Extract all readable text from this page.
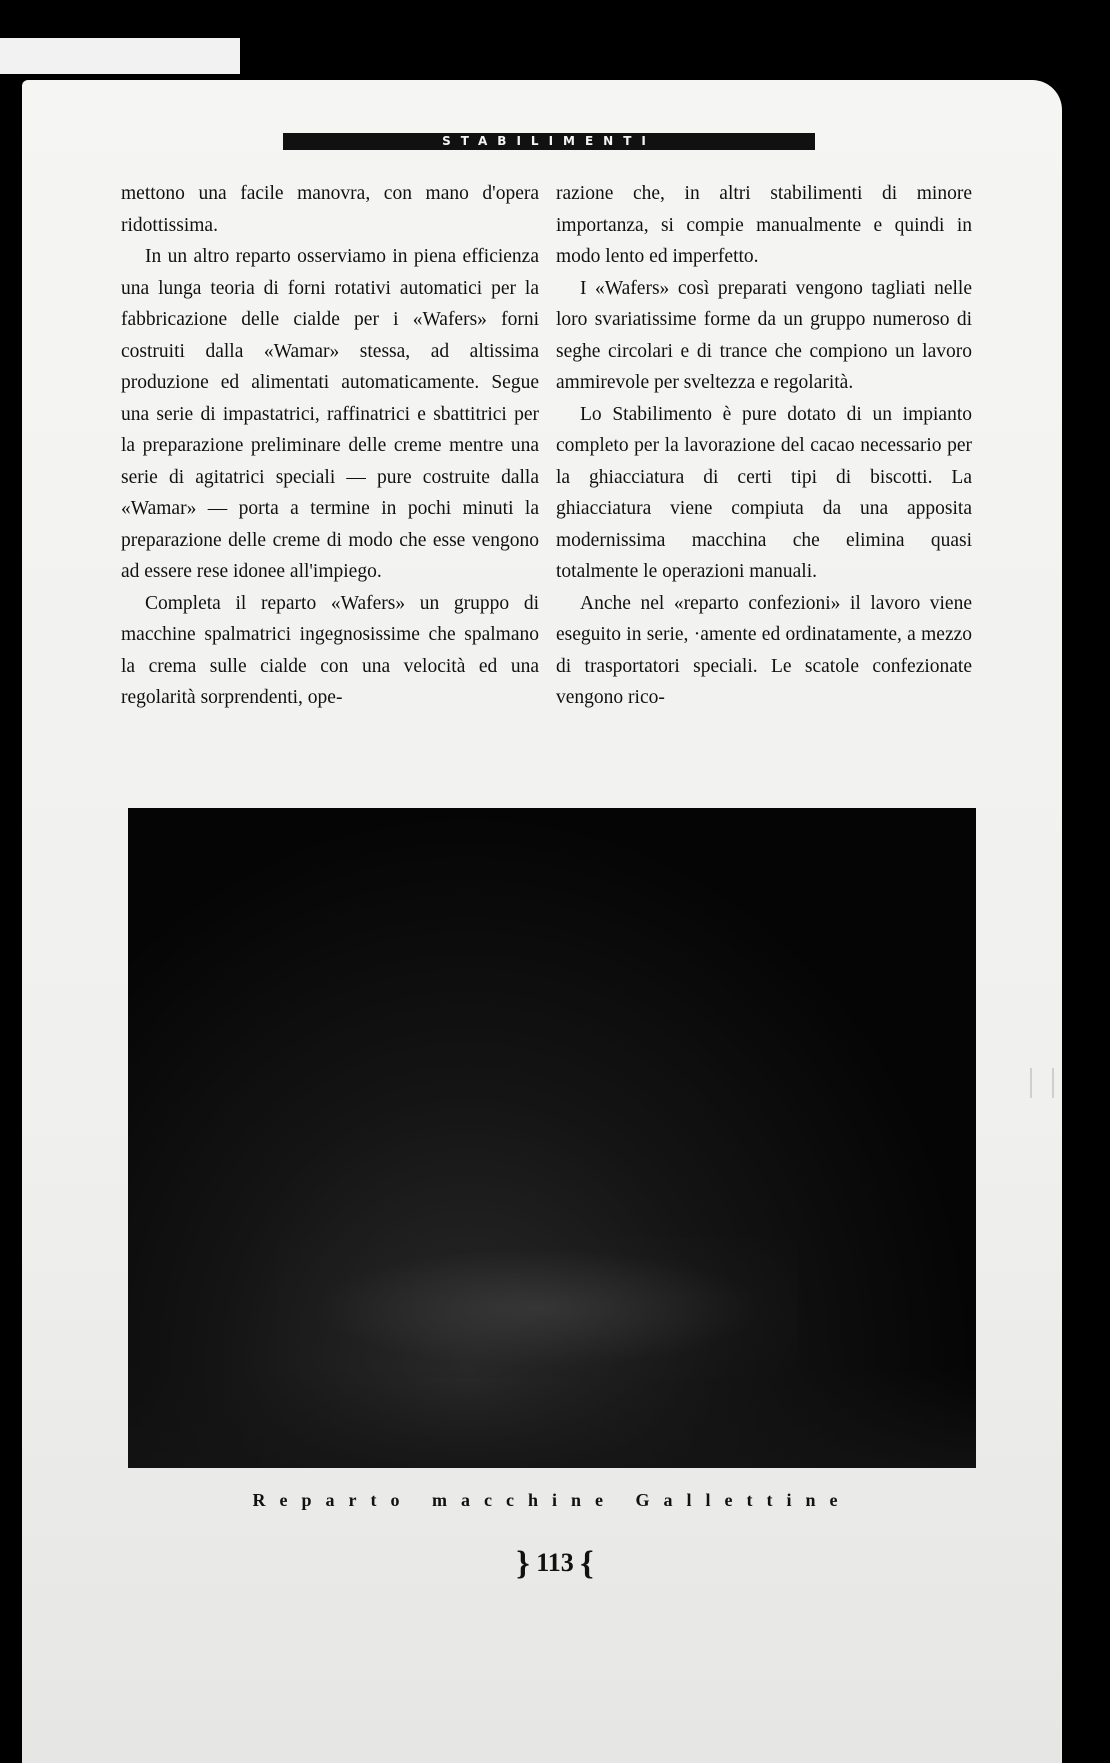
STABILIMENTI

mettono una facile manovra, con mano d'opera ridottissima.

In un altro reparto osserviamo in piena efficienza una lunga teoria di forni rotativi automatici per la fabbricazione delle cialde per i «Wafers» forni costruiti dalla «Wamar» stessa, ad altissima produzione ed alimentati automaticamente. Segue una serie di impastatrici, raffinatrici e sbattitrici per la preparazione preliminare delle creme mentre una serie di agitatrici speciali — pure costruite dalla «Wamar» — porta a termine in pochi minuti la preparazione delle creme di modo che esse vengono ad essere rese idonee all'impiego.

Completa il reparto «Wafers» un gruppo di macchine spalmatrici ingegnosissime che spalmano la crema sulle cialde con una velocità ed una regolarità sorprendenti, ope-

razione che, in altri stabilimenti di minore importanza, si compie manualmente e quindi in modo lento ed imperfetto.

I «Wafers» così preparati vengono tagliati nelle loro svariatissime forme da un gruppo numeroso di seghe circolari e di trance che compiono un lavoro ammirevole per sveltezza e regolarità.

Lo Stabilimento è pure dotato di un impianto completo per la lavorazione del cacao necessario per la ghiacciatura di certi tipi di biscotti. La ghiacciatura viene compiuta da una apposita modernissima macchina che elimina quasi totalmente le operazioni manuali.

Anche nel «reparto confezioni» il lavoro viene eseguito in serie, ·amente ed ordinatamente, a mezzo di trasportatori speciali. Le scatole confezionate vengono rico-

Reparto macchine Gallettine
} 113 {
